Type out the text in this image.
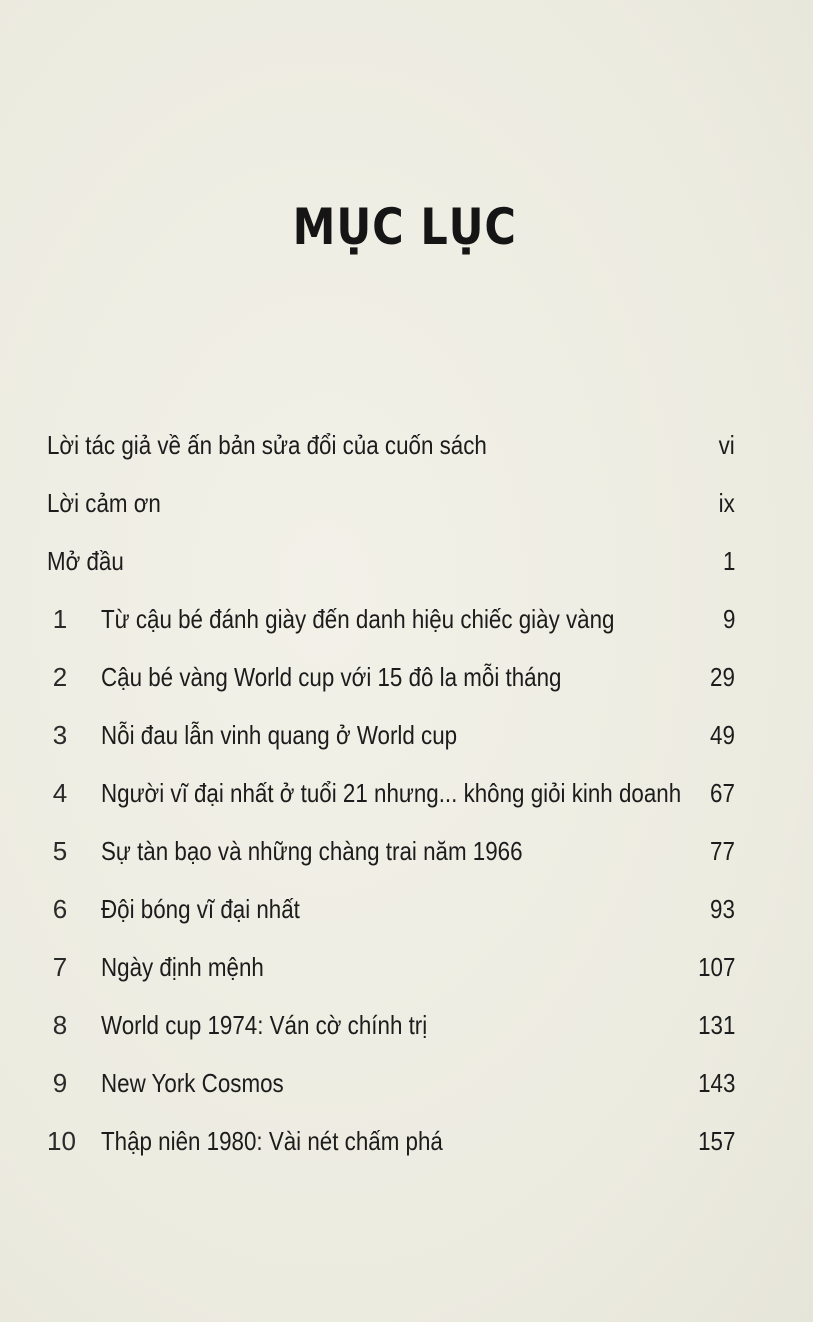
MỤC LỤC
Lời tác giả về ấn bản sửa đổi của cuốn sách	vi
Lời cảm ơn	ix
Mở đầu	1
1 Từ cậu bé đánh giày đến danh hiệu chiếc giày vàng	9
2 Cậu bé vàng World cup với 15 đô la mỗi tháng	29
3 Nỗi đau lẫn vinh quang ở World cup	49
4 Người vĩ đại nhất ở tuổi 21 nhưng... không giỏi kinh doanh 67
5 Sự tàn bạo và những chàng trai năm 1966	77
6 Đội bóng vĩ đại nhất	93
7 Ngày định mệnh	107
8 World cup 1974: Ván cờ chính trị	131
9 New York Cosmos	143
10 Thập niên 1980: Vài nét chấm phá	157
